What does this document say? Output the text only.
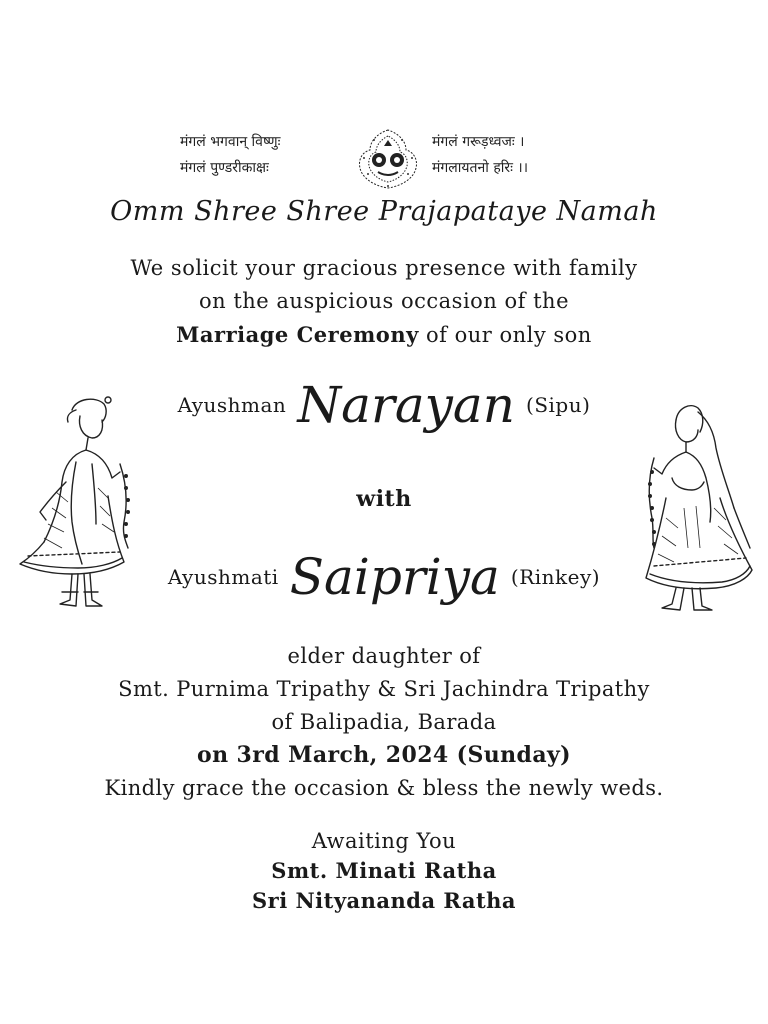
मंगलं भगवान् विष्णुः
मंगलं पुण्डरीकाक्षः
मंगलं गरूड़ध्वजः ।
मंगलायतनो हरिः ।।
Omm Shree Shree Prajapataye Namah
We solicit your gracious presence with family
on the auspicious occasion of the
Marriage Ceremony of our only son
Ayushman Narayan (Sipu)
with
Ayushmati Saipriya (Rinkey)
elder daughter of
Smt. Purnima Tripathy & Sri Jachindra Tripathy
of Balipadia, Barada
on 3rd March, 2024 (Sunday)
Kindly grace the occasion & bless the newly weds.
Awaiting You
Smt. Minati Ratha
Sri Nityananda Ratha
